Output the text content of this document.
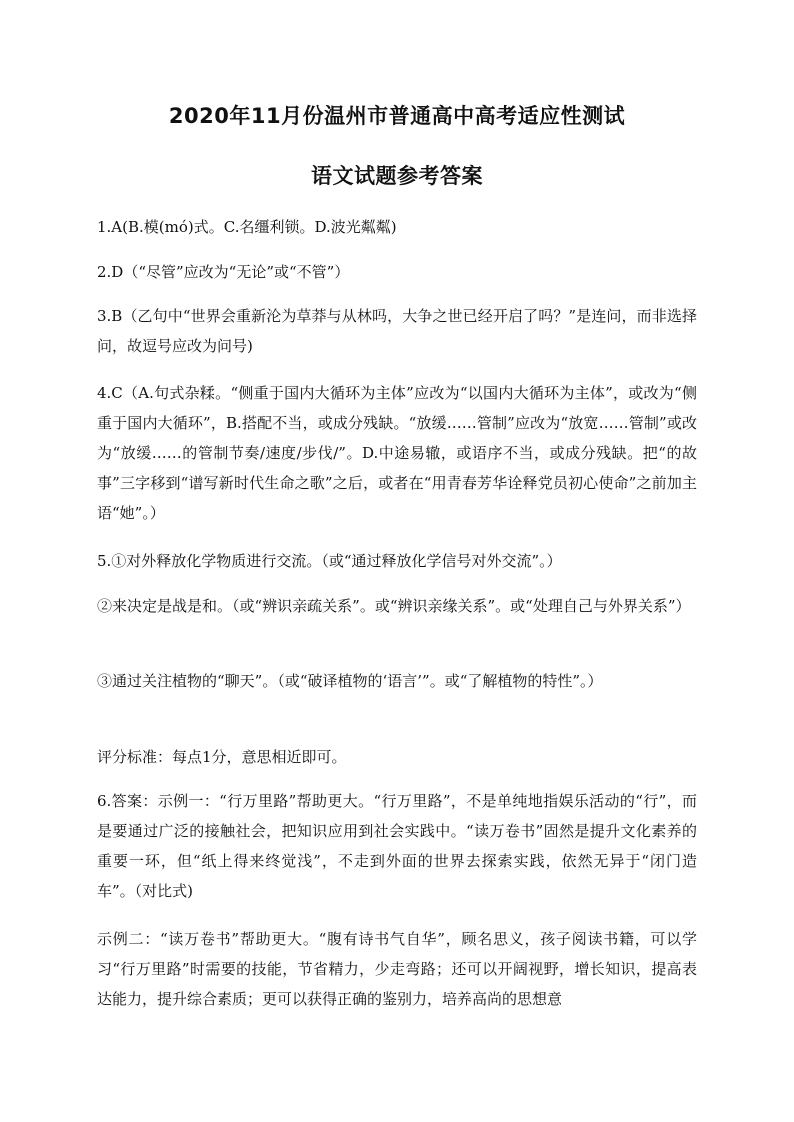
2020年11月份温州市普通高中高考适应性测试
语文试题参考答案
1.A(B.模(mó)式。C.名缰利锁。D.波光粼粼)
2.D（“尽管”应改为“无论”或“不管”）
3.B（乙句中“世界会重新沦为草莽与从林吗，大争之世已经开启了吗？”是连问，而非选择问，故逗号应改为问号)
4.C（A.句式杂糅。“侧重于国内大循环为主体”应改为“以国内大循环为主体”，或改为“侧重于国内大循环”，B.搭配不当，或成分残缺。“放缓……管制”应改为“放宽……管制”或改为“放缓……的管制节奏/速度/步伐/”。D.中途易辙，或语序不当，或成分残缺。把“的故事”三字移到“谱写新时代生命之歌”之后，或者在“用青春芳华诠释党员初心使命”之前加主语“她”。）
5.①对外释放化学物质进行交流。（或“通过释放化学信号对外交流”。）
②来决定是战是和。（或“辨识亲疏关系”。或“辨识亲缘关系”。或“处理自己与外界关系”）
③通过关注植物的“聊天”。（或“破译植物的‘语言’”。或“了解植物的特性”。）
评分标准：每点1分，意思相近即可。
6.答案：示例一：“行万里路”帮助更大。“行万里路”，不是单纯地指娱乐活动的“行”，而是要通过广泛的接触社会，把知识应用到社会实践中。“读万卷书”固然是提升文化素养的重要一环，但“纸上得来终觉浅”，不走到外面的世界去探索实践，依然无异于“闭门造车”。（对比式)
示例二：“读万卷书”帮助更大。“腹有诗书气自华”，顾名思义，孩子阅读书籍，可以学习“行万里路”时需要的技能，节省精力，少走弯路；还可以开阔视野，增长知识，提高表达能力，提升综合素质；更可以获得正确的鉴别力，培养高尚的思想意
